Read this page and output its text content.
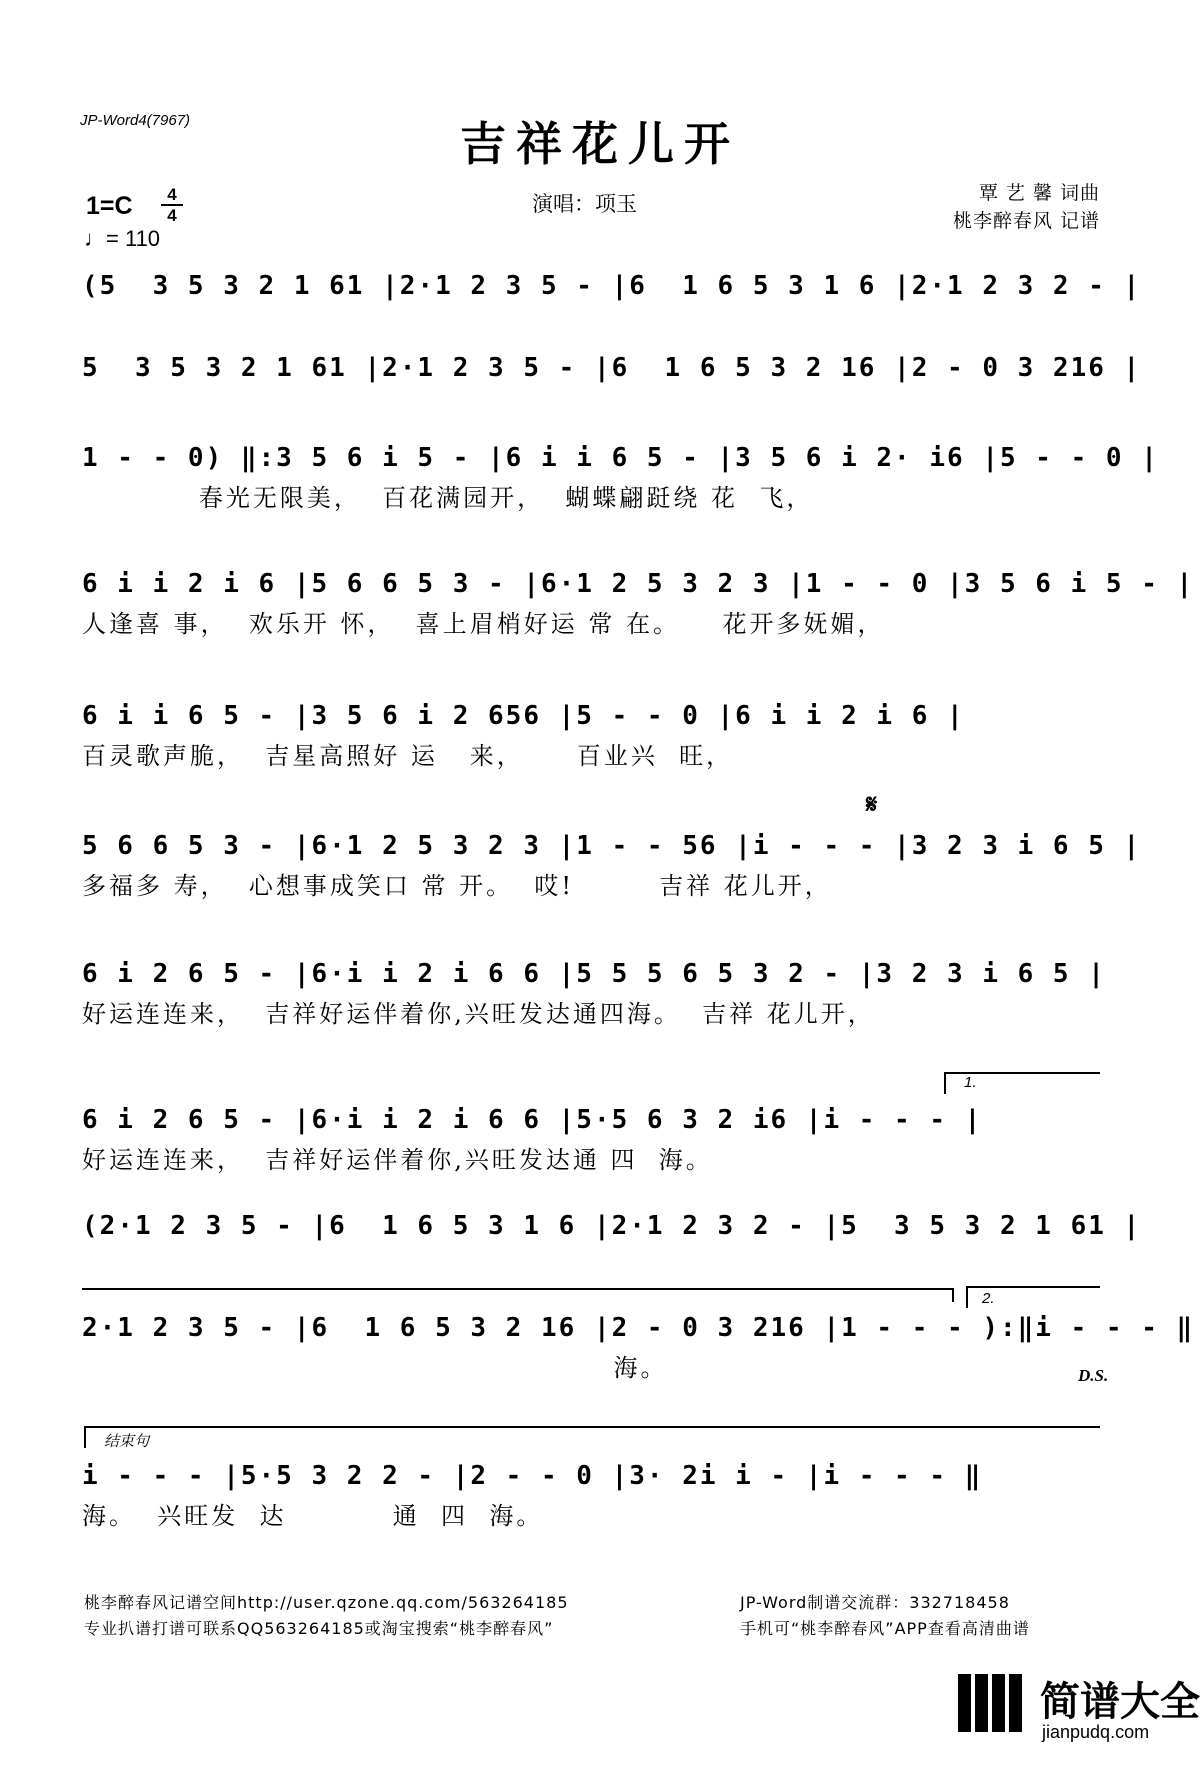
JP-Word4(7967)	吉祥花儿开
1=C	4
4
♩= 110
演唱：项玉	覃 艺 馨 词曲
桃李醉春风 记谱
(5  3 5 3 2 1 61 |2·1 2 3 5 - |6  1 6 5 3 1 6 |2·1 2 3 2 - |
5  3 5 3 2 1 61 |2·1 2 3 5 - |6  1 6 5 3 2 16 |2 - 0 3 216 |
1 - - 0) ‖:3 5 6 i 5 - |6 i i 6 5 - |3 5 6 i 2· i6 |5 - - 0 |
春光无限美，  百花满园开，  蝴蝶翩跹绕 花  飞，
6 i i 2 i 6 |5 6 6 5 3 - |6·1 2 5 3 2 3 |1 - - 0 |3 5 6 i 5 - |
人逢喜 事，  欢乐开 怀，  喜上眉梢好运 常 在。    花开多妩媚，
6 i i 6 5 - |3 5 6 i 2 656 |5 - - 0 |6 i i 2 i 6 |
百灵歌声脆，  吉星高照好 运   来，     百业兴  旺，
𝄋
5 6 6 5 3 - |6·1 2 5 3 2 3 |1 - - 56 |i - - - |3 2 3 i 6 5 |
多福多 寿，  心想事成笑口 常 开。  哎!        吉祥 花儿开，
6 i 2 6 5 - |6·i i 2 i 6 6 |5 5 5 6 5 3 2 - |3 2 3 i 6 5 |
好运连连来，  吉祥好运伴着你,兴旺发达通四海。  吉祥 花儿开，
1.
6 i 2 6 5 - |6·i i 2 i 6 6 |5·5 6 3 2 i6 |i - - - |
好运连连来，  吉祥好运伴着你,兴旺发达通 四  海。
(2·1 2 3 5 - |6  1 6 5 3 1 6 |2·1 2 3 2 - |5  3 5 3 2 1 61 |
2.
2·1 2 3 5 - |6  1 6 5 3 2 16 |2 - 0 3 216 |1 - - - ):‖i - - - ‖
海。	D.S.
结束句
i - - - |5·5 3 2 2 - |2 - - 0 |3· 2i i - |i - - - ‖
海。  兴旺发  达          通  四  海。
桃李醉春风记谱空间http://user.qzone.qq.com/563264185
专业扒谱打谱可联系QQ563264185或淘宝搜索“桃李醉春风”
JP-Word制谱交流群：332718458
手机可“桃李醉春风”APP查看高清曲谱
简谱大全
jianpudq.com
